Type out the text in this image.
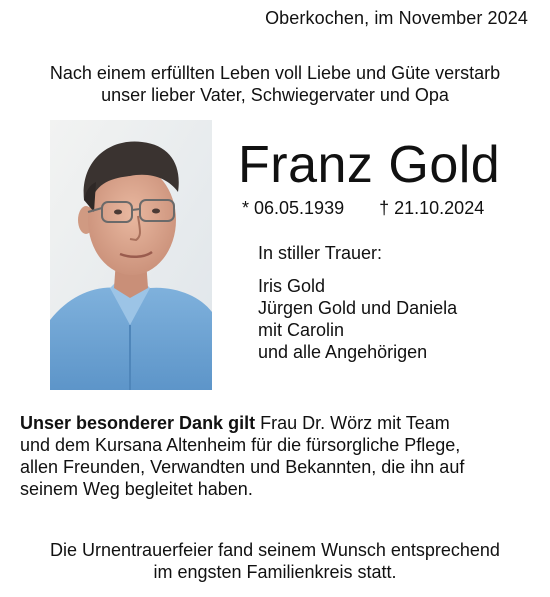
Oberkochen, im November 2024
Nach einem erfüllten Leben voll Liebe und Güte verstarb
unser lieber Vater, Schwiegervater und Opa
Franz Gold
* 06.05.1939 † 21.10.2024
In stiller Trauer:
Iris Gold
Jürgen Gold und Daniela
mit Carolin
und alle Angehörigen
Unser besonderer Dank gilt Frau Dr. Wörz mit Team
und dem Kursana Altenheim für die fürsorgliche Pflege,
allen Freunden, Verwandten und Bekannten, die ihn auf
seinem Weg begleitet haben.
Die Urnentrauerfeier fand seinem Wunsch entsprechend
im engsten Familienkreis statt.
